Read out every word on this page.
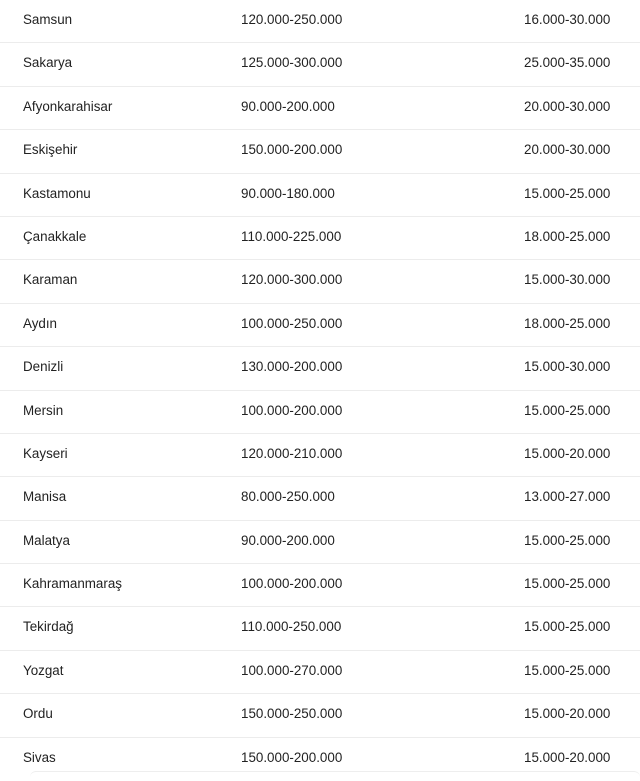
Samsun	120.000-250.000	16.000-30.000
Sakarya	125.000-300.000	25.000-35.000
Afyonkarahisar	90.000-200.000	20.000-30.000
Eskişehir	150.000-200.000	20.000-30.000
Kastamonu	90.000-180.000	15.000-25.000
Çanakkale	110.000-225.000	18.000-25.000
Karaman	120.000-300.000	15.000-30.000
Aydın	100.000-250.000	18.000-25.000
Denizli	130.000-200.000	15.000-30.000
Mersin	100.000-200.000	15.000-25.000
Kayseri	120.000-210.000	15.000-20.000
Manisa	80.000-250.000	13.000-27.000
Malatya	90.000-200.000	15.000-25.000
Kahramanmaraş	100.000-200.000	15.000-25.000
Tekirdağ	110.000-250.000	15.000-25.000
Yozgat	100.000-270.000	15.000-25.000
Ordu	150.000-250.000	15.000-20.000
Sivas	150.000-200.000	15.000-20.000
